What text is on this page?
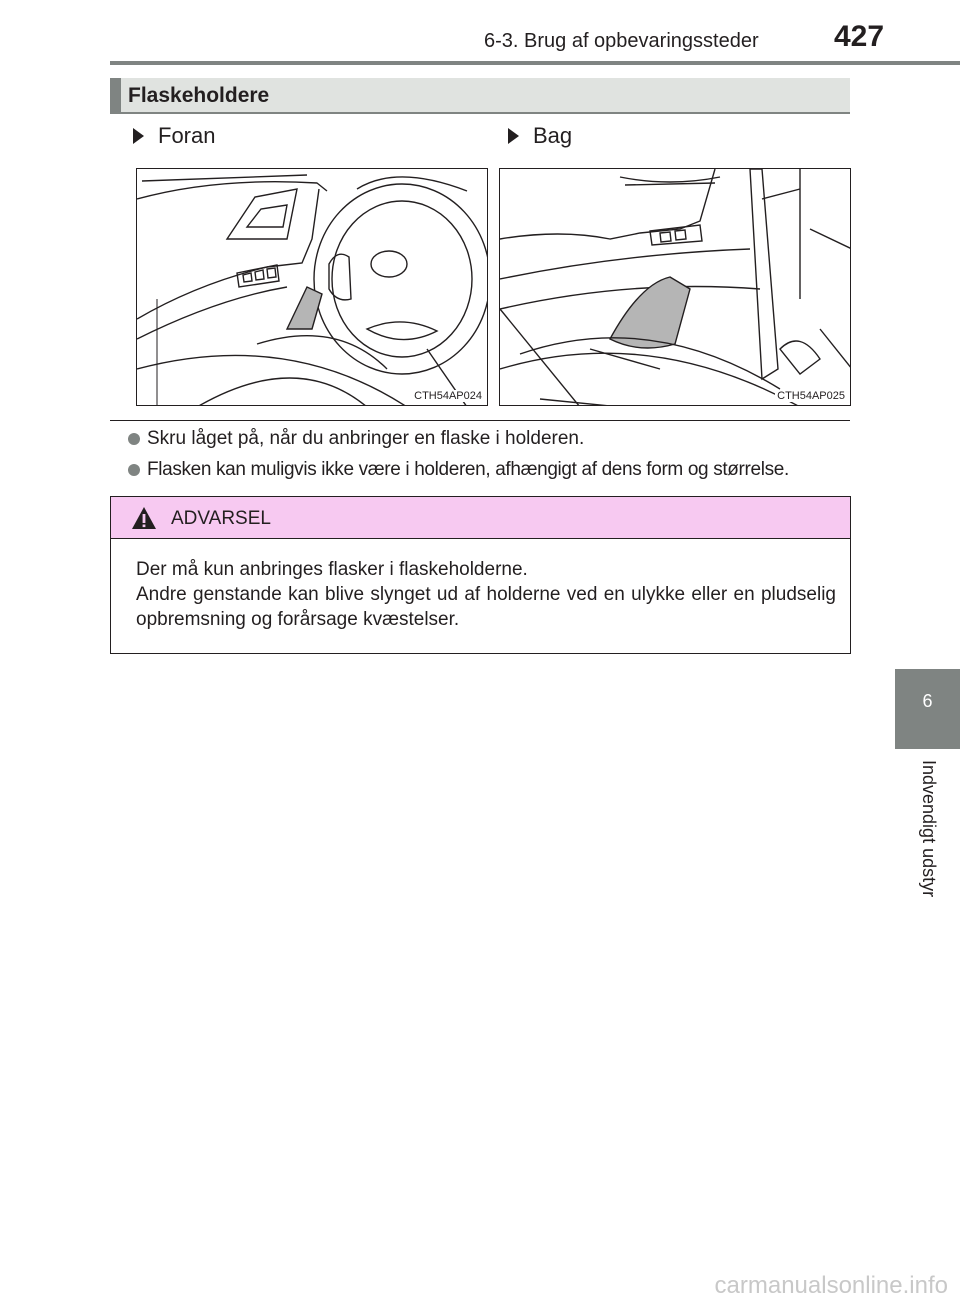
6-3. Brug af opbevaringssteder	427
6
Indvendigt udstyr
Flaskeholdere
Foran	Bag
CTH54AP024	CTH54AP025
Skru låget på, når du anbringer en flaske i holderen.
Flasken kan muligvis ikke være i holderen, afhængigt af dens form og størrelse.
ADVARSEL

Der må kun anbringes flasker i flaskeholderne.

Andre genstande kan blive slynget ud af holderne ved en ulykke eller en pludselig opbremsning og forårsage kvæstelser.

carmanualsonline.info
